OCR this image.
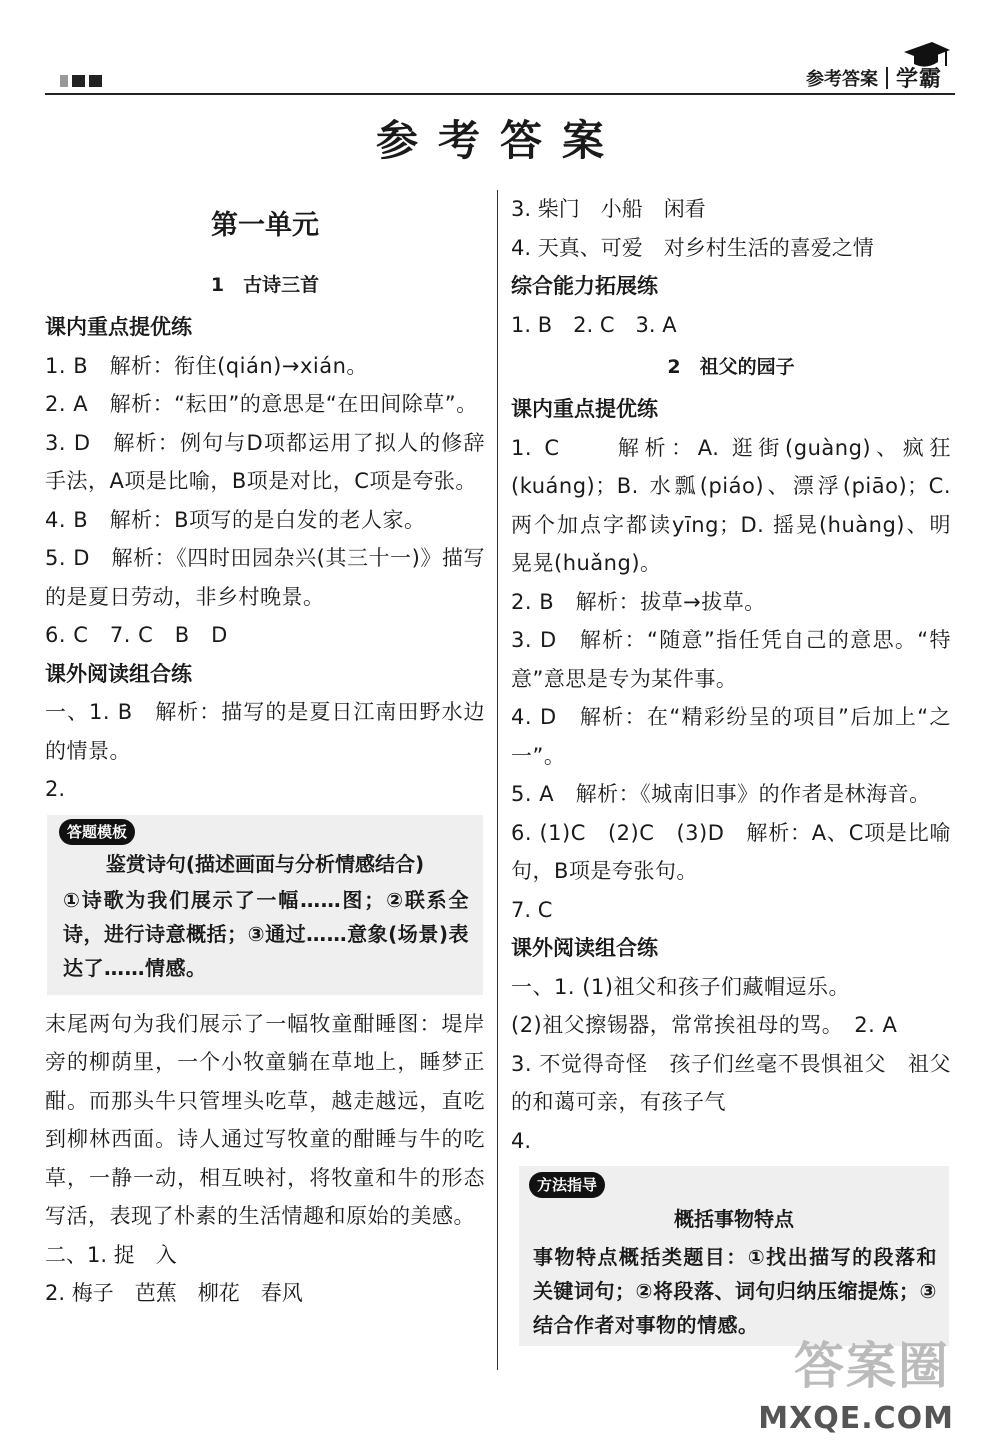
参考答案 学霸
参考答案

第一单元

1　古诗三首

课内重点提优练

1. B　解析：衔住(qián)→xián。

2. A　解析：“耘田”的意思是“在田间除草”。

3. D　解析：例句与D项都运用了拟人的修辞手法，A项是比喻，B项是对比，C项是夸张。

4. B　解析：B项写的是白发的老人家。

5. D　解析：《四时田园杂兴(其三十一)》描写的是夏日劳动，非乡村晚景。

6. C　7. C　B　D

课外阅读组合练

一、1. B　解析：描写的是夏日江南田野水边的情景。

2.

答题模板
鉴赏诗句(描述画面与分析情感结合)
①诗歌为我们展示了一幅……图；②联系全诗，进行诗意概括；③通过……意象(场景)表达了……情感。

末尾两句为我们展示了一幅牧童酣睡图：堤岸旁的柳荫里，一个小牧童躺在草地上，睡梦正酣。而那头牛只管埋头吃草，越走越远，直吃到柳林西面。诗人通过写牧童的酣睡与牛的吃草，一静一动，相互映衬，将牧童和牛的形态写活，表现了朴素的生活情趣和原始的美感。

二、1. 捉　入

2. 梅子　芭蕉　柳花　春风

3. 柴门　小船　闲看

4. 天真、可爱　对乡村生活的喜爱之情

综合能力拓展练

1. B　2. C　3. A

2　祖父的园子

课内重点提优练

1. C　　解析：A. 逛街(guàng)、疯狂(kuáng)；B. 水瓢(piáo)、漂浮(piāo)；C. 两个加点字都读yīng；D. 摇晃(huàng)、明晃晃(huǎng)。

2. B　解析：拔草→拔草。

3. D　解析：“随意”指任凭自己的意思。“特意”意思是专为某件事。

4. D　解析：在“精彩纷呈的项目”后加上“之一”。

5. A　解析：《城南旧事》的作者是林海音。

6. (1)C　(2)C　(3)D　解析：A、C项是比喻句，B项是夸张句。

7. C

课外阅读组合练

一、1. (1)祖父和孩子们藏帽逗乐。

(2)祖父擦锡器，常常挨祖母的骂。　2. A

3. 不觉得奇怪　孩子们丝毫不畏惧祖父　祖父的和蔼可亲，有孩子气

4.

方法指导
概括事物特点
事物特点概括类题目：①找出描写的段落和关键词句；②将段落、词句归纳压缩提炼；③结合作者对事物的情感。
答案圈
MXQE.COM
